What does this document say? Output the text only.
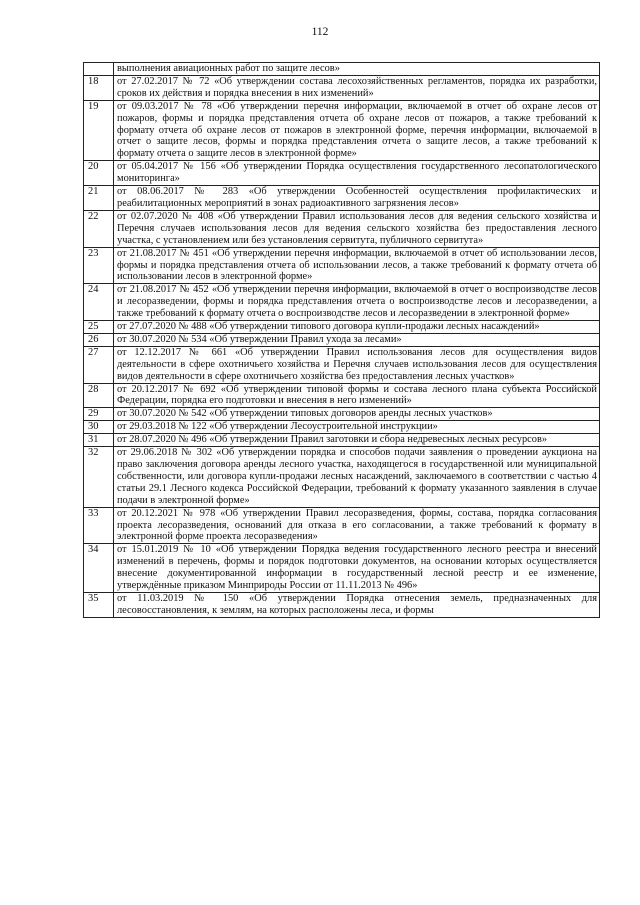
112
	выполнения авиационных работ по защите лесов»
18	от 27.02.2017 № 72 «Об утверждении состава лесохозяйственных регламентов, порядка их разработки, сроков их действия и порядка внесения в них изменений»
19	от 09.03.2017 № 78 «Об утверждении перечня информации, включаемой в отчет об охране лесов от пожаров, формы и порядка представления отчета об охране лесов от пожаров, а также требований к формату отчета об охране лесов от пожаров в электронной форме, перечня информации, включаемой в отчет о защите лесов, формы и порядка представления отчета о защите лесов, а также требований к формату отчета о защите лесов в электронной форме»
20	от 05.04.2017 № 156 «Об утверждении Порядка осуществления государственного лесопатологического мониторинга»
21	от 08.06.2017 № 283 «Об утверждении Особенностей осуществления профилактических и реабилитационных мероприятий в зонах радиоактивного загрязнения лесов»
22	от 02.07.2020 № 408 «Об утверждении Правил использования лесов для ведения сельского хозяйства и Перечня случаев использования лесов для ведения сельского хозяйства без предоставления лесного участка, с установлением или без установления сервитута, публичного сервитута»
23	от 21.08.2017 № 451 «Об утверждении перечня информации, включаемой в отчет об использовании лесов, формы и порядка представления отчета об использовании лесов, а также требований к формату отчета об использовании лесов в электронной форме»
24	от 21.08.2017 № 452 «Об утверждении перечня информации, включаемой в отчет о воспроизводстве лесов и лесоразведении, формы и порядка представления отчета о воспроизводстве лесов и лесоразведении, а также требований к формату отчета о воспроизводстве лесов и лесоразведении в электронной форме»
25	от 27.07.2020 № 488 «Об утверждении типового договора купли-продажи лесных насаждений»
26	от 30.07.2020 № 534 «Об утверждении Правил ухода за лесами»
27	от 12.12.2017 № 661 «Об утверждении Правил использования лесов для осуществления видов деятельности в сфере охотничьего хозяйства и Перечня случаев использования лесов для осуществления видов деятельности в сфере охотничьего хозяйства без предоставления лесных участков»
28	от 20.12.2017 № 692 «Об утверждении типовой формы и состава лесного плана субъекта Российской Федерации, порядка его подготовки и внесения в него изменений»
29	от 30.07.2020 № 542 «Об утверждении типовых договоров аренды лесных участков»
30	от 29.03.2018 № 122 «Об утверждении Лесоустроительной инструкции»
31	от 28.07.2020 № 496 «Об утверждении Правил заготовки и сбора недревесных лесных ресурсов»
32	от 29.06.2018 № 302 «Об утверждении порядка и способов подачи заявления о проведении аукциона на право заключения договора аренды лесного участка, находящегося в государственной или муниципальной собственности, или договора купли-продажи лесных насаждений, заключаемого в соответствии с частью 4 статьи 29.1 Лесного кодекса Российской Федерации, требований к формату указанного заявления в случае подачи в электронной форме»
33	от 20.12.2021 № 978 «Об утверждении Правил лесоразведения, формы, состава, порядка согласования проекта лесоразведения, оснований для отказа в его согласовании, а также требований к формату в электронной форме проекта лесоразведения»
34	от 15.01.2019 № 10 «Об утверждении Порядка ведения государственного лесного реестра и внесений изменений в перечень, формы и порядок подготовки документов, на основании которых осуществляется внесение документированной информации в государственный лесной реестр и ее изменение, утверждённые приказом Минприроды России от 11.11.2013 № 496»
35	от 11.03.2019 № 150 «Об утверждении Порядка отнесения земель, предназначенных для лесовосстановления, к землям, на которых расположены леса, и формы
